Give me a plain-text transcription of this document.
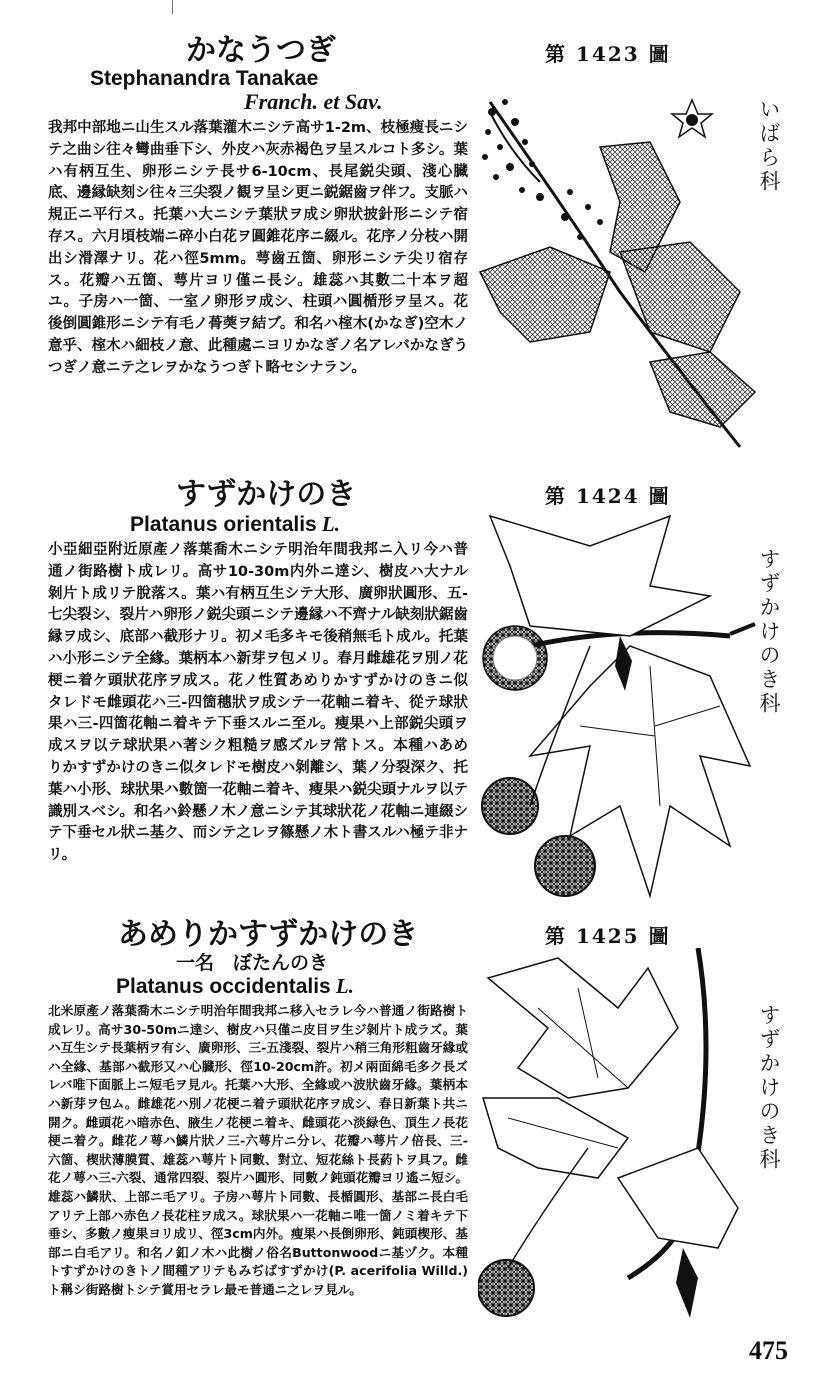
かなうつぎ
Stephanandra Tanakae
Franch. et Sav.

我邦中部地ニ山生スル落葉灌木ニシテ高サ1-2m、枝極痩長ニシテ之曲シ往々彎曲垂下シ、外皮ハ灰赤褐色ヲ呈スルコト多シ。葉ハ有柄互生、卵形ニシテ長サ6-10cm、長尾鋭尖頭、淺心臓底、邊縁缺刻シ往々三尖裂ノ観ヲ呈シ更ニ鋭鋸齒ヲ伴フ。支脈ハ規正ニ平行ス。托葉ハ大ニシテ葉狀ヲ成シ卵狀披針形ニシテ宿存ス。六月頃枝端ニ碎小白花ヲ圓錐花序ニ綴ル。花序ノ分枝ハ開出シ滑澤ナリ。花ハ徑5mm。萼齒五箇、卵形ニシテ尖リ宿存ス。花瓣ハ五箇、萼片ヨリ僅ニ長シ。雄蕊ハ其數二十本ヲ超ユ。子房ハ一箇、一室ノ卵形ヲ成シ、柱頭ハ圓楯形ヲ呈ス。花後倒圓錐形ニシテ有毛ノ蓇葖ヲ結ブ。和名ハ榁木(かなぎ)空木ノ意乎、榁木ハ細枝ノ意、此種處ニヨリかなぎノ名アレバかなぎうつぎノ意ニテ之レヲかなうつぎト略セシナラン。

第 1423 圖
いばら科
すずかけのき
Platanus orientalis L.

小亞細亞附近原產ノ落葉喬木ニシテ明治年間我邦ニ入リ今ハ普通ノ街路樹ト成レリ。高サ10-30m内外ニ達シ、樹皮ハ大ナル剝片ト成リテ脫落ス。葉ハ有柄互生シテ大形、廣卵狀圓形、五-七尖裂シ、裂片ハ卵形ノ鋭尖頭ニシテ邊縁ハ不齊ナル缺刻狀鋸齒縁ヲ成シ、底部ハ截形ナリ。初メ毛多キモ後稍無毛ト成ル。托葉ハ小形ニシテ全緣。葉柄本ハ新芽ヲ包メリ。春月雌雄花ヲ別ノ花梗ニ着ケ頭狀花序ヲ成ス。花ノ性質あめりかすずかけのきニ似タレドモ雌頭花ハ三-四箇穗狀ヲ成シテ一花軸ニ着キ、從テ球狀果ハ三-四箇花軸ニ着キテ下垂スルニ至ル。瘦果ハ上部鋭尖頭ヲ成スヲ以テ球狀果ハ著シク粗糙ヲ感ズルヲ常トス。本種ハあめりかすずかけのきニ似タレドモ樹皮ハ剝離シ、葉ノ分裂深ク、托葉ハ小形、球狀果ハ數箇一花軸ニ着キ、瘦果ハ鋭尖頭ナルヲ以テ識別スベシ。和名ハ鈴懸ノ木ノ意ニシテ其球狀花ノ花軸ニ連綴シテ下垂セル狀ニ基ク、而シテ之レヲ篠懸ノ木ト書スルハ極テ非ナリ。

第 1424 圖
すずかけのき科
あめりかすずかけのき
一名　ぼたんのき
Platanus occidentalis L.

北米原產ノ落葉喬木ニシテ明治年間我邦ニ移入セラレ今ハ普通ノ街路樹ト成レリ。高サ30-50mニ達シ、樹皮ハ只僅ニ皮目ヲ生ジ剝片ト成ラズ。葉ハ互生シテ長葉柄ヲ有シ、廣卵形、三-五淺裂、裂片ハ稍三角形粗齒牙緣或ハ全緣、基部ハ截形又ハ心臓形、徑10-20cm許。初メ兩面綿毛多ク長ズレバ唯下面脈上ニ短毛ヲ見ル。托葉ハ大形、全緣或ハ波狀齒牙緣。葉柄本ハ新芽ヲ包ム。雌雄花ハ別ノ花梗ニ着テ頭狀花序ヲ成シ、春日新葉ト共ニ開ク。雌頭花ハ暗赤色、腋生ノ花梗ニ着キ、雌頭花ハ淡緑色、頂生ノ長花梗ニ着ク。雌花ノ萼ハ鱗片狀ノ三-六萼片ニ分レ、花瓣ハ萼片ノ倍長、三-六箇、楔狀薄膜質、雄蕊ハ萼片ト同數、對立、短花絲ト長葯トヲ具フ。雌花ノ萼ハ三-六裂、通常四裂、裂片ハ圓形、同數ノ鈍頭花瓣ヨリ遙ニ短シ。雄蕊ハ鱗狀、上部ニ毛アリ。子房ハ萼片ト同數、長楯圓形、基部ニ長白毛アリテ上部ハ赤色ノ長花柱ヲ成ス。球狀果ハ一花軸ニ唯一箇ノミ着キテ下垂シ、多數ノ瘦果ヨリ成リ、徑3cm内外。瘦果ハ長倒卵形、鈍頭楔形、基部ニ白毛アリ。和名ノ釦ノ木ハ此樹ノ俗名Buttonwoodニ基ヅク。本種トすずかけのきトノ間種アリテもみぢばすずかけ(P. acerifolia Willd.)ト稱シ街路樹トシテ賞用セラレ最モ普通ニ之レヲ見ル。

第 1425 圖
すずかけのき科
475
